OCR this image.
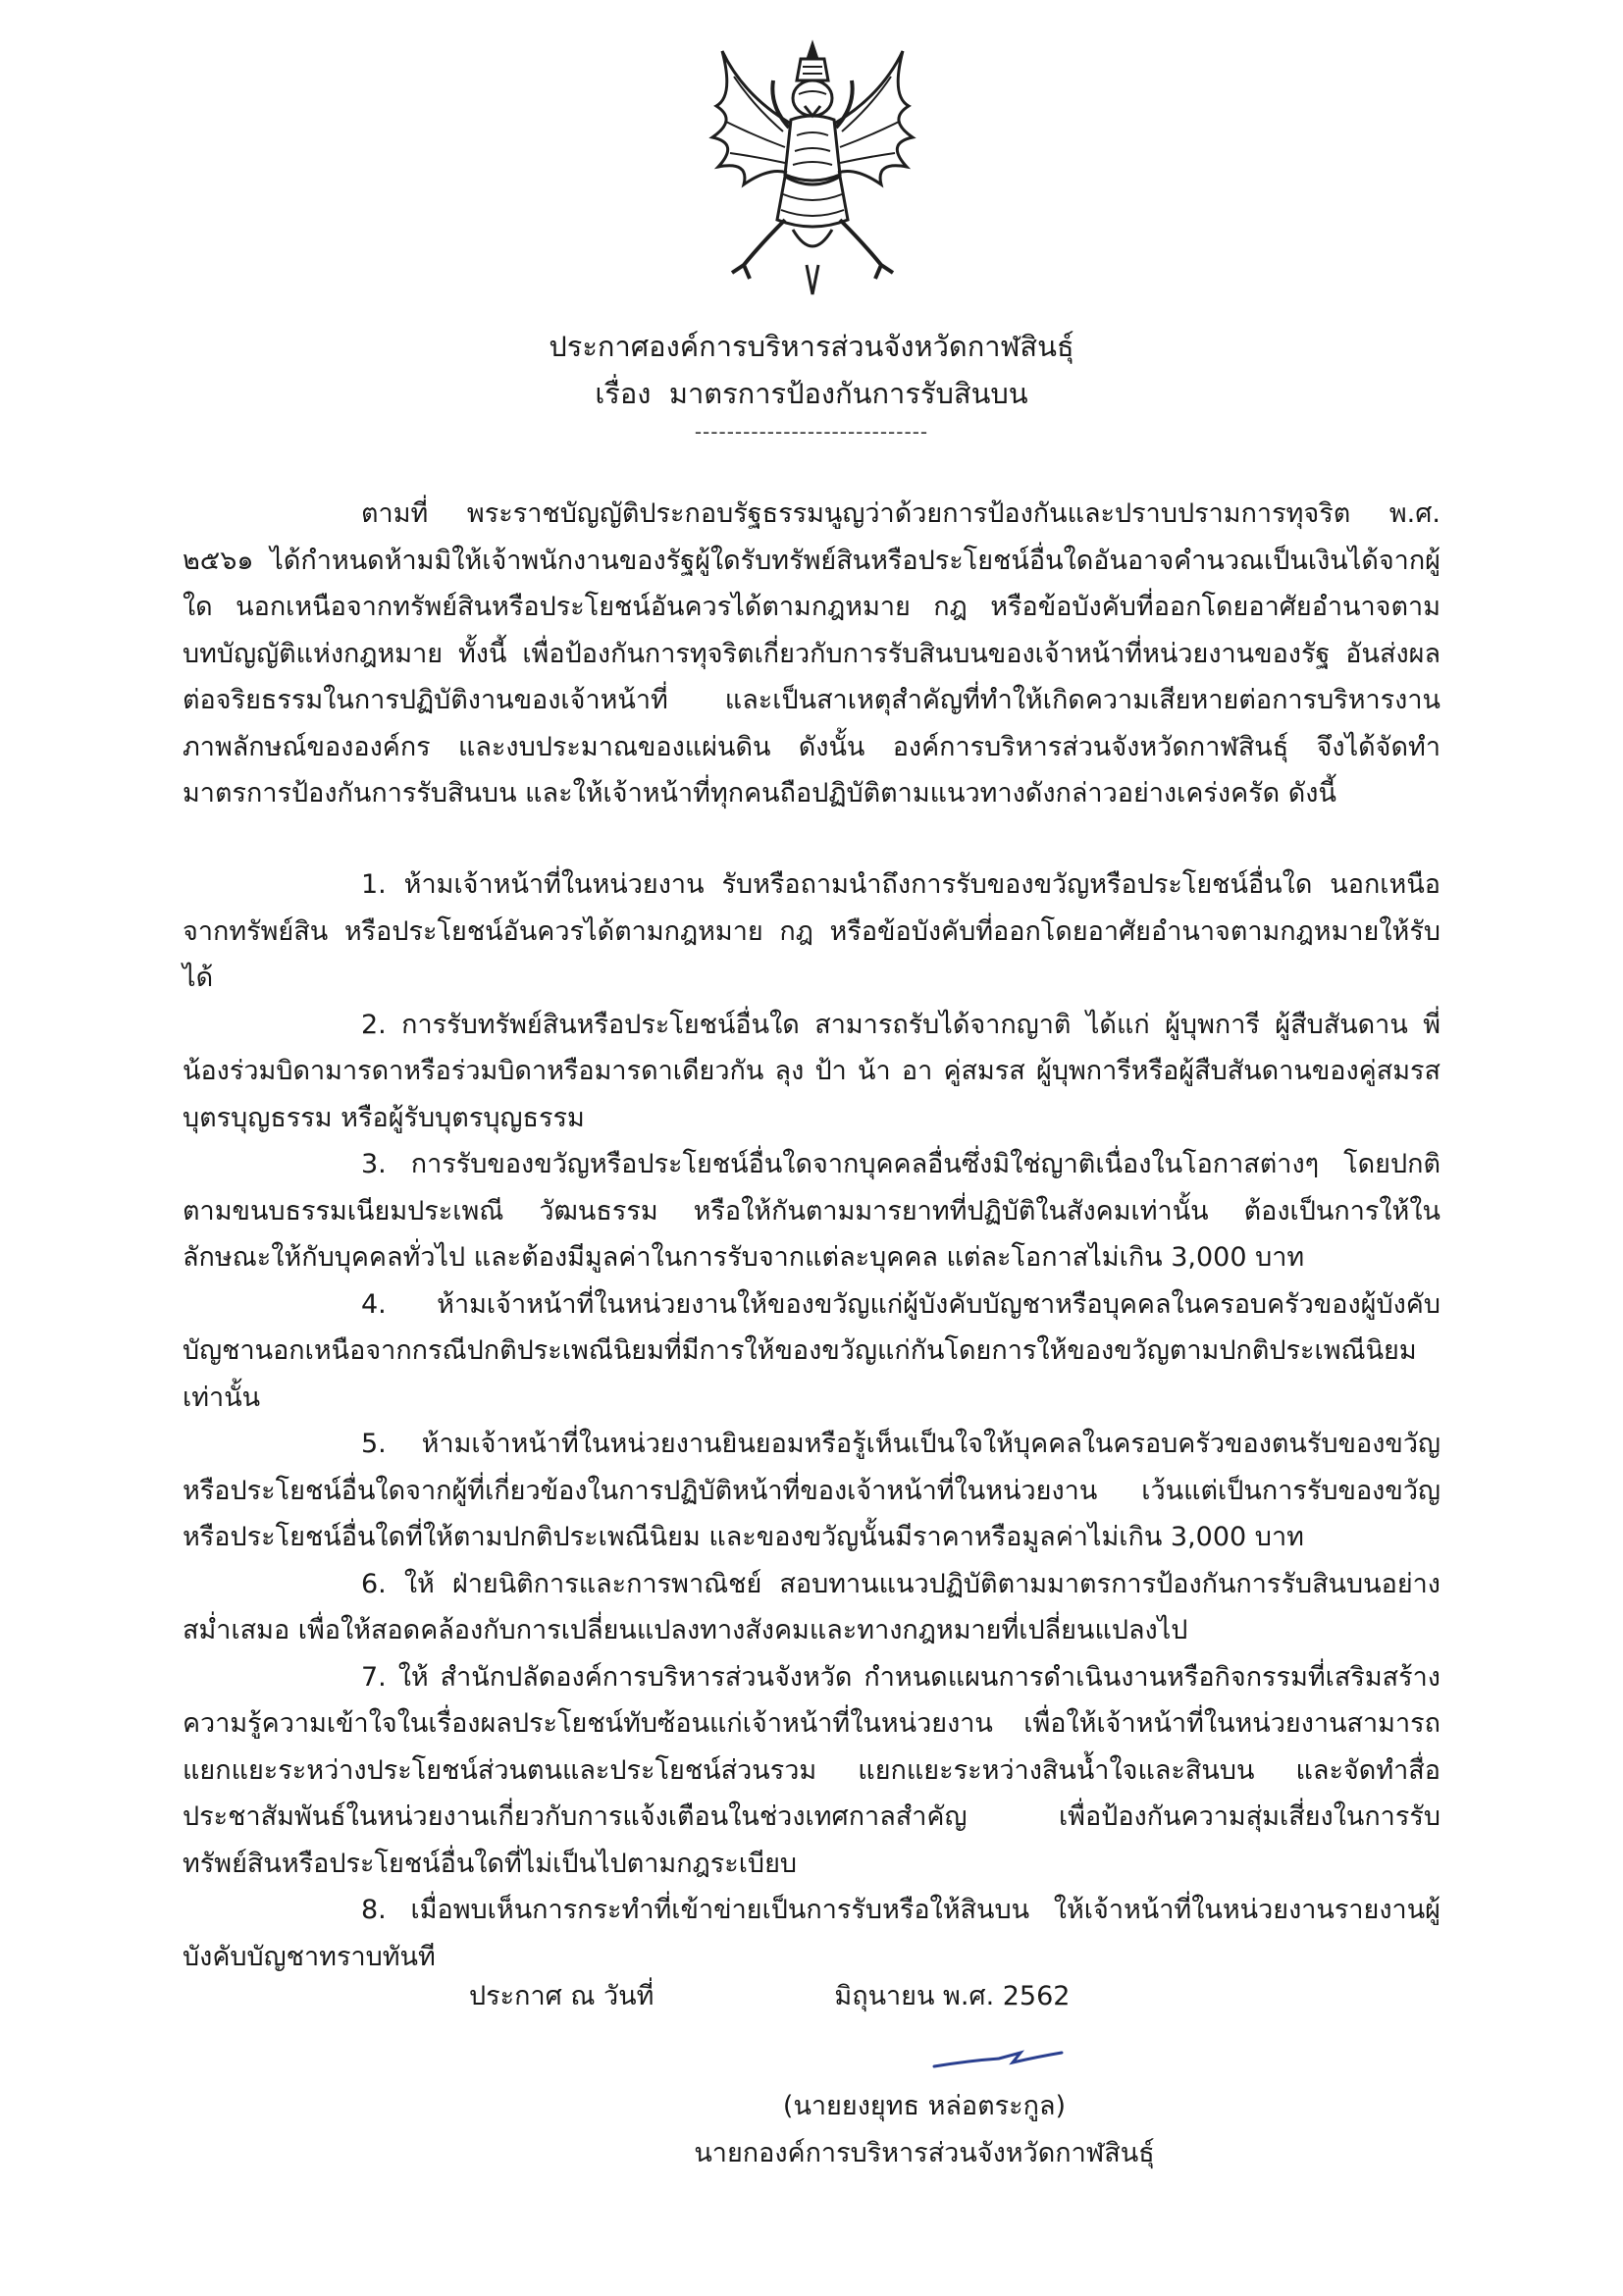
ประกาศองค์การบริหารส่วนจังหวัดกาฬสินธุ์
เรื่อง มาตรการป้องกันการรับสินบน
-----------------------------
ตามที่ พระราชบัญญัติประกอบรัฐธรรมนูญว่าด้วยการป้องกันและปราบปรามการทุจริต พ.ศ. ๒๕๖๑ ได้กำหนดห้ามมิให้เจ้าพนักงานของรัฐผู้ใดรับทรัพย์สินหรือประโยชน์อื่นใดอันอาจคำนวณเป็นเงินได้จากผู้ใด นอกเหนือจากทรัพย์สินหรือประโยชน์อันควรได้ตามกฎหมาย กฎ หรือข้อบังคับที่ออกโดยอาศัยอำนาจตามบทบัญญัติแห่งกฎหมาย ทั้งนี้ เพื่อป้องกันการทุจริตเกี่ยวกับการรับสินบนของเจ้าหน้าที่หน่วยงานของรัฐ อันส่งผลต่อจริยธรรมในการปฏิบัติงานของเจ้าหน้าที่ และเป็นสาเหตุสำคัญที่ทำให้เกิดความเสียหายต่อการบริหารงาน ภาพลักษณ์ขององค์กร และงบประมาณของแผ่นดิน ดังนั้น องค์การบริหารส่วนจังหวัดกาฬสินธุ์ จึงได้จัดทำมาตรการป้องกันการรับสินบน และให้เจ้าหน้าที่ทุกคนถือปฏิบัติตามแนวทางดังกล่าวอย่างเคร่งครัด ดังนี้

1. ห้ามเจ้าหน้าที่ในหน่วยงาน รับหรือถามนำถึงการรับของขวัญหรือประโยชน์อื่นใด นอกเหนือจากทรัพย์สิน หรือประโยชน์อันควรได้ตามกฎหมาย กฎ หรือข้อบังคับที่ออกโดยอาศัยอำนาจตามกฎหมายให้รับได้

2. การรับทรัพย์สินหรือประโยชน์อื่นใด สามารถรับได้จากญาติ ได้แก่ ผู้บุพการี ผู้สืบสันดาน พี่น้องร่วมบิดามารดาหรือร่วมบิดาหรือมารดาเดียวกัน ลุง ป้า น้า อา คู่สมรส ผู้บุพการีหรือผู้สืบสันดานของคู่สมรส บุตรบุญธรรม หรือผู้รับบุตรบุญธรรม

3. การรับของขวัญหรือประโยชน์อื่นใดจากบุคคลอื่นซึ่งมิใช่ญาติเนื่องในโอกาสต่างๆ โดยปกติตามขนบธรรมเนียมประเพณี วัฒนธรรม หรือให้กันตามมารยาทที่ปฏิบัติในสังคมเท่านั้น ต้องเป็นการให้ในลักษณะให้กับบุคคลทั่วไป และต้องมีมูลค่าในการรับจากแต่ละบุคคล แต่ละโอกาสไม่เกิน 3,000 บาท

4. ห้ามเจ้าหน้าที่ในหน่วยงานให้ของขวัญแก่ผู้บังคับบัญชาหรือบุคคลในครอบครัวของผู้บังคับบัญชานอกเหนือจากกรณีปกติประเพณีนิยมที่มีการให้ของขวัญแก่กันโดยการให้ของขวัญตามปกติประเพณีนิยมเท่านั้น

5. ห้ามเจ้าหน้าที่ในหน่วยงานยินยอมหรือรู้เห็นเป็นใจให้บุคคลในครอบครัวของตนรับของขวัญหรือประโยชน์อื่นใดจากผู้ที่เกี่ยวข้องในการปฏิบัติหน้าที่ของเจ้าหน้าที่ในหน่วยงาน เว้นแต่เป็นการรับของขวัญหรือประโยชน์อื่นใดที่ให้ตามปกติประเพณีนิยม และของขวัญนั้นมีราคาหรือมูลค่าไม่เกิน 3,000 บาท

6. ให้ ฝ่ายนิติการและการพาณิชย์ สอบทานแนวปฏิบัติตามมาตรการป้องกันการรับสินบนอย่างสม่ำเสมอ เพื่อให้สอดคล้องกับการเปลี่ยนแปลงทางสังคมและทางกฎหมายที่เปลี่ยนแปลงไป

7. ให้ สำนักปลัดองค์การบริหารส่วนจังหวัด กำหนดแผนการดำเนินงานหรือกิจกรรมที่เสริมสร้างความรู้ความเข้าใจในเรื่องผลประโยชน์ทับซ้อนแก่เจ้าหน้าที่ในหน่วยงาน เพื่อให้เจ้าหน้าที่ในหน่วยงานสามารถแยกแยะระหว่างประโยชน์ส่วนตนและประโยชน์ส่วนรวม แยกแยะระหว่างสินน้ำใจและสินบน และจัดทำสื่อประชาสัมพันธ์ในหน่วยงานเกี่ยวกับการแจ้งเตือนในช่วงเทศกาลสำคัญ เพื่อป้องกันความสุ่มเสี่ยงในการรับทรัพย์สินหรือประโยชน์อื่นใดที่ไม่เป็นไปตามกฎระเบียบ

8. เมื่อพบเห็นการกระทำที่เข้าข่ายเป็นการรับหรือให้สินบน ให้เจ้าหน้าที่ในหน่วยงานรายงานผู้บังคับบัญชาทราบทันที

ประกาศ ณ วันที่	มิถุนายน พ.ศ. 2562
(นายยงยุทธ หล่อตระกูล)
นายกองค์การบริหารส่วนจังหวัดกาฬสินธุ์
